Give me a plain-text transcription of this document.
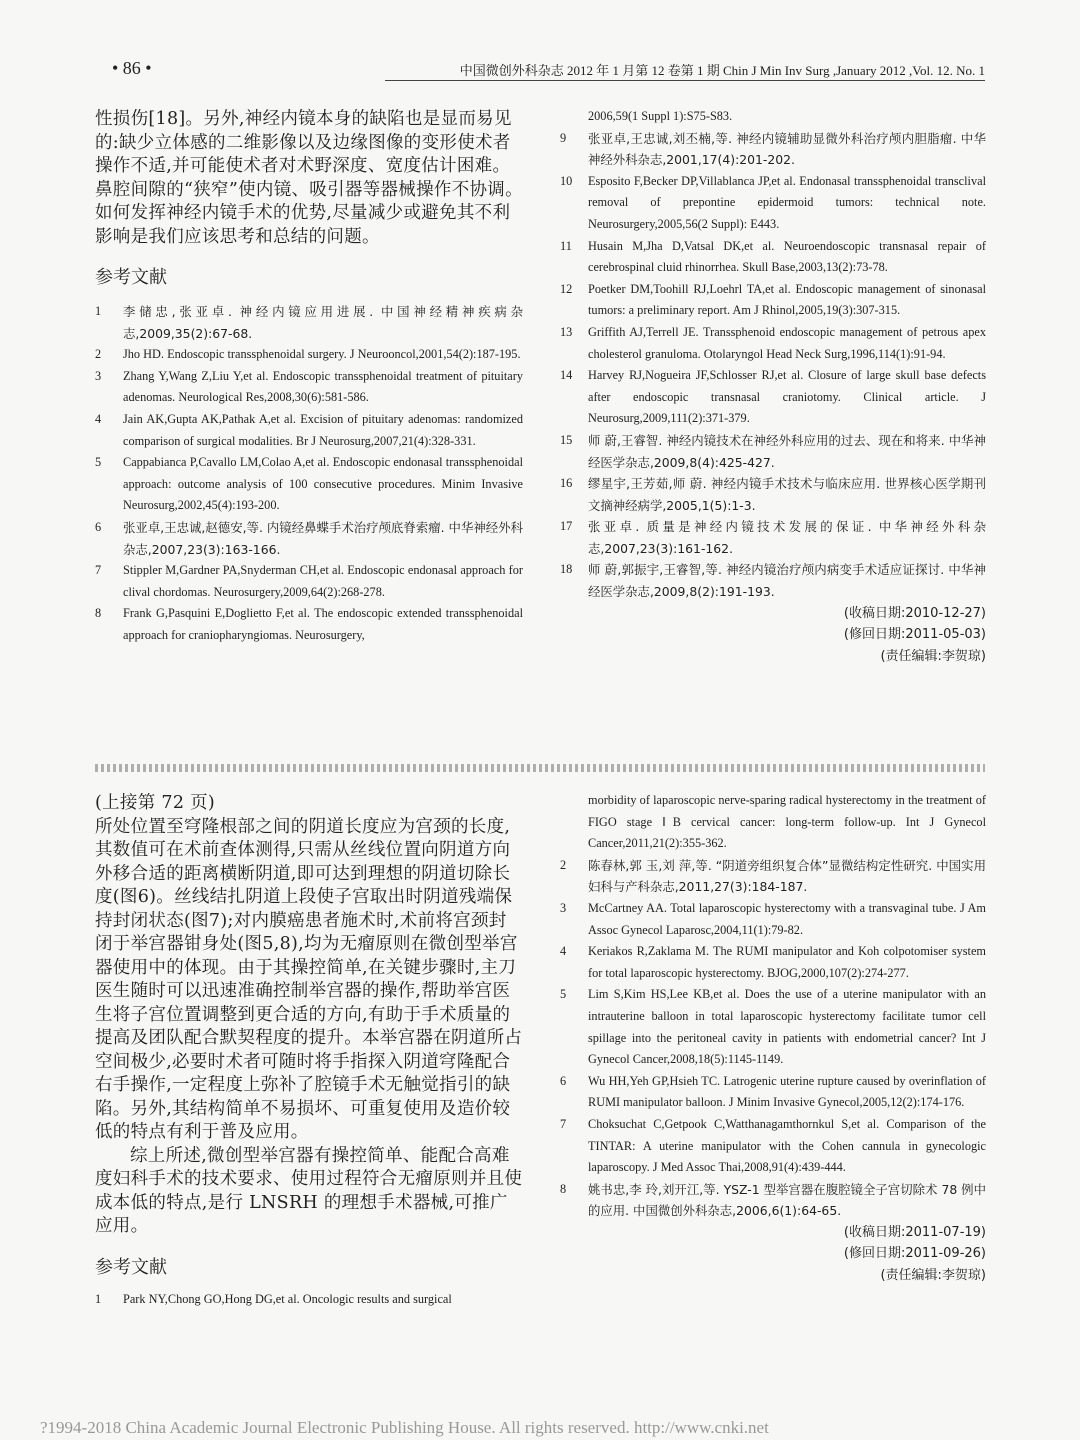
• 86 •	中国微创外科杂志 2012 年 1 月第 12 卷第 1 期 Chin J Min Inv Surg ,January 2012 ,Vol. 12. No. 1

性损伤[18]。另外,神经内镜本身的缺陷也是显而易见的:缺少立体感的二维影像以及边缘图像的变形使术者操作不适,并可能使术者对术野深度、宽度估计困难。鼻腔间隙的“狭窄”使内镜、吸引器等器械操作不协调。如何发挥神经内镜手术的优势,尽量减少或避免其不利影响是我们应该思考和总结的问题。

参考文献
1	李储忠,张亚卓. 神经内镜应用进展. 中国神经精神疾病杂志,2009,35(2):67-68.
2	Jho HD. Endoscopic transsphenoidal surgery. J Neurooncol,2001,54(2):187-195.
3	Zhang Y,Wang Z,Liu Y,et al. Endoscopic transsphenoidal treatment of pituitary adenomas. Neurological Res,2008,30(6):581-586.
4	Jain AK,Gupta AK,Pathak A,et al. Excision of pituitary adenomas: randomized comparison of surgical modalities. Br J Neurosurg,2007,21(4):328-331.
5	Cappabianca P,Cavallo LM,Colao A,et al. Endoscopic endonasal transsphenoidal approach: outcome analysis of 100 consecutive procedures. Minim Invasive Neurosurg,2002,45(4):193-200.
6	张亚卓,王忠诚,赵德安,等. 内镜经鼻蝶手术治疗颅底脊索瘤. 中华神经外科杂志,2007,23(3):163-166.
7	Stippler M,Gardner PA,Snyderman CH,et al. Endoscopic endonasal approach for clival chordomas. Neurosurgery,2009,64(2):268-278.
8	Frank G,Pasquini E,Doglietto F,et al. The endoscopic extended transsphenoidal approach for craniopharyngiomas. Neurosurgery,
2006,59(1 Suppl 1):S75-S83.
9	张亚卓,王忠诚,刘丕楠,等. 神经内镜辅助显微外科治疗颅内胆脂瘤. 中华神经外科杂志,2001,17(4):201-202.
10	Esposito F,Becker DP,Villablanca JP,et al. Endonasal transsphenoidal transclival removal of prepontine epidermoid tumors: technical note. Neurosurgery,2005,56(2 Suppl): E443.
11	Husain M,Jha D,Vatsal DK,et al. Neuroendoscopic transnasal repair of cerebrospinal cluid rhinorrhea. Skull Base,2003,13(2):73-78.
12	Poetker DM,Toohill RJ,Loehrl TA,et al. Endoscopic management of sinonasal tumors: a preliminary report. Am J Rhinol,2005,19(3):307-315.
13	Griffith AJ,Terrell JE. Transsphenoid endoscopic management of petrous apex cholesterol granuloma. Otolaryngol Head Neck Surg,1996,114(1):91-94.
14	Harvey RJ,Nogueira JF,Schlosser RJ,et al. Closure of large skull base defects after endoscopic transnasal craniotomy. Clinical article. J Neurosurg,2009,111(2):371-379.
15	师 蔚,王睿智. 神经内镜技术在神经外科应用的过去、现在和将来. 中华神经医学杂志,2009,8(4):425-427.
16	缪星宇,王芳茹,师 蔚. 神经内镜手术技术与临床应用. 世界核心医学期刊文摘神经病学,2005,1(5):1-3.
17	张亚卓. 质量是神经内镜技术发展的保证. 中华神经外科杂志,2007,23(3):161-162.
18	师 蔚,郭振宇,王睿智,等. 神经内镜治疗颅内病变手术适应证探讨. 中华神经医学杂志,2009,8(2):191-193.
(收稿日期:2010-12-27)
(修回日期:2011-05-03)
(责任编辑:李贺琼)

(上接第 72 页)

所处位置至穹隆根部之间的阴道长度应为宫颈的长度,其数值可在术前查体测得,只需从丝线位置向阴道方向外移合适的距离横断阴道,即可达到理想的阴道切除长度(图6)。丝线结扎阴道上段使子宫取出时阴道残端保持封闭状态(图7);对内膜癌患者施术时,术前将宫颈封闭于举宫器钳身处(图5,8),均为无瘤原则在微创型举宫器使用中的体现。由于其操控简单,在关键步骤时,主刀医生随时可以迅速准确控制举宫器的操作,帮助举宫医生将子宫位置调整到更合适的方向,有助于手术质量的提高及团队配合默契程度的提升。本举宫器在阴道所占空间极少,必要时术者可随时将手指探入阴道穹隆配合右手操作,一定程度上弥补了腔镜手术无触觉指引的缺陷。另外,其结构简单不易损坏、可重复使用及造价较低的特点有利于普及应用。

综上所述,微创型举宫器有操控简单、能配合高难度妇科手术的技术要求、使用过程符合无瘤原则并且使成本低的特点,是行 LNSRH 的理想手术器械,可推广应用。

参考文献
1	Park NY,Chong GO,Hong DG,et al. Oncologic results and surgical
morbidity of laparoscopic nerve-sparing radical hysterectomy in the treatment of FIGO stage ⅠB cervical cancer: long-term follow-up. Int J Gynecol Cancer,2011,21(2):355-362.
2	陈春林,郭 玉,刘 萍,等. “阴道旁组织复合体”显微结构定性研究. 中国实用妇科与产科杂志,2011,27(3):184-187.
3	McCartney AA. Total laparoscopic hysterectomy with a transvaginal tube. J Am Assoc Gynecol Laparosc,2004,11(1):79-82.
4	Keriakos R,Zaklama M. The RUMI manipulator and Koh colpotomiser system for total laparoscopic hysterectomy. BJOG,2000,107(2):274-277.
5	Lim S,Kim HS,Lee KB,et al. Does the use of a uterine manipulator with an intrauterine balloon in total laparoscopic hysterectomy facilitate tumor cell spillage into the peritoneal cavity in patients with endometrial cancer? Int J Gynecol Cancer,2008,18(5):1145-1149.
6	Wu HH,Yeh GP,Hsieh TC. Latrogenic uterine rupture caused by overinflation of RUMI manipulator balloon. J Minim Invasive Gynecol,2005,12(2):174-176.
7	Choksuchat C,Getpook C,Watthanagamthornkul S,et al. Comparison of the TINTAR: A uterine manipulator with the Cohen cannula in gynecologic laparoscopy. J Med Assoc Thai,2008,91(4):439-444.
8	姚书忠,李 玲,刘开江,等. YSZ-1 型举宫器在腹腔镜全子宫切除术 78 例中的应用. 中国微创外科杂志,2006,6(1):64-65.
(收稿日期:2011-07-19)
(修回日期:2011-09-26)
(责任编辑:李贺琼)
?1994-2018 China Academic Journal Electronic Publishing House. All rights reserved. http://www.cnki.net
